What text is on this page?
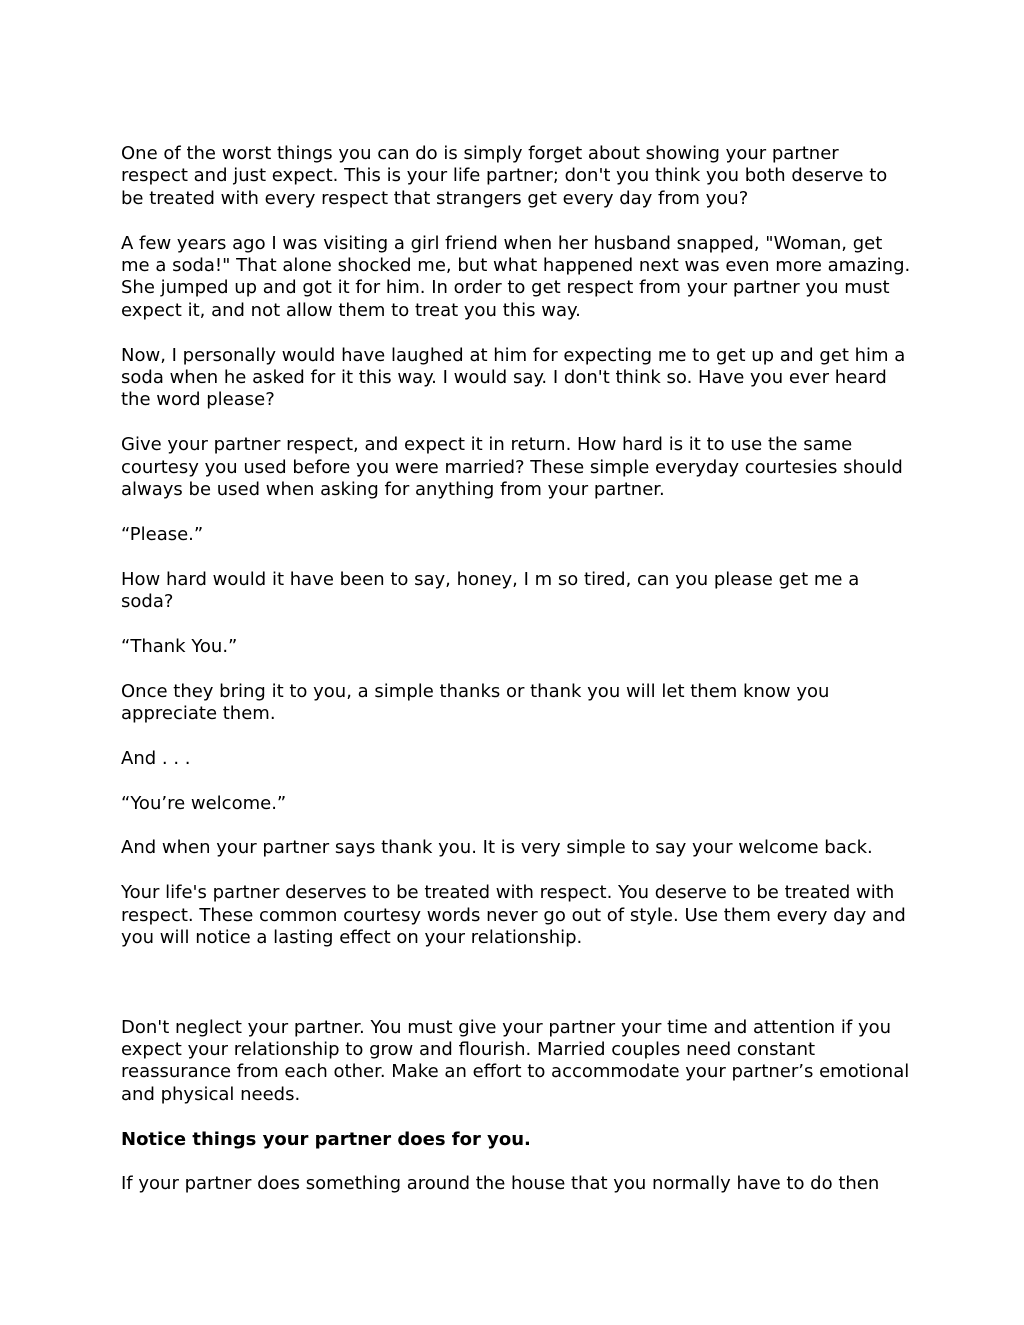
One of the worst things you can do is simply forget about showing your partner respect and just expect. This is your life partner; don't you think you both deserve to be treated with every respect that strangers get every day from you?

A few years ago I was visiting a girl friend when her husband snapped, "Woman, get me a soda!" That alone shocked me, but what happened next was even more amazing. She jumped up and got it for him. In order to get respect from your partner you must expect it, and not allow them to treat you this way.

Now, I personally would have laughed at him for expecting me to get up and get him a soda when he asked for it this way. I would say. I don't think so. Have you ever heard the word please?

Give your partner respect, and expect it in return. How hard is it to use the same courtesy you used before you were married? These simple everyday courtesies should always be used when asking for anything from your partner.

“Please.”

How hard would it have been to say, honey, I m so tired, can you please get me a soda?

“Thank You.”

Once they bring it to you, a simple thanks or thank you will let them know you appreciate them.

And . . .

“You’re welcome.”

And when your partner says thank you. It is very simple to say your welcome back.

Your life's partner deserves to be treated with respect. You deserve to be treated with respect. These common courtesy words never go out of style. Use them every day and you will notice a lasting effect on your relationship.

Don't neglect your partner. You must give your partner your time and attention if you expect your relationship to grow and flourish. Married couples need constant reassurance from each other. Make an effort to accommodate your partner’s emotional and physical needs.

Notice things your partner does for you.

If your partner does something around the house that you normally have to do then
